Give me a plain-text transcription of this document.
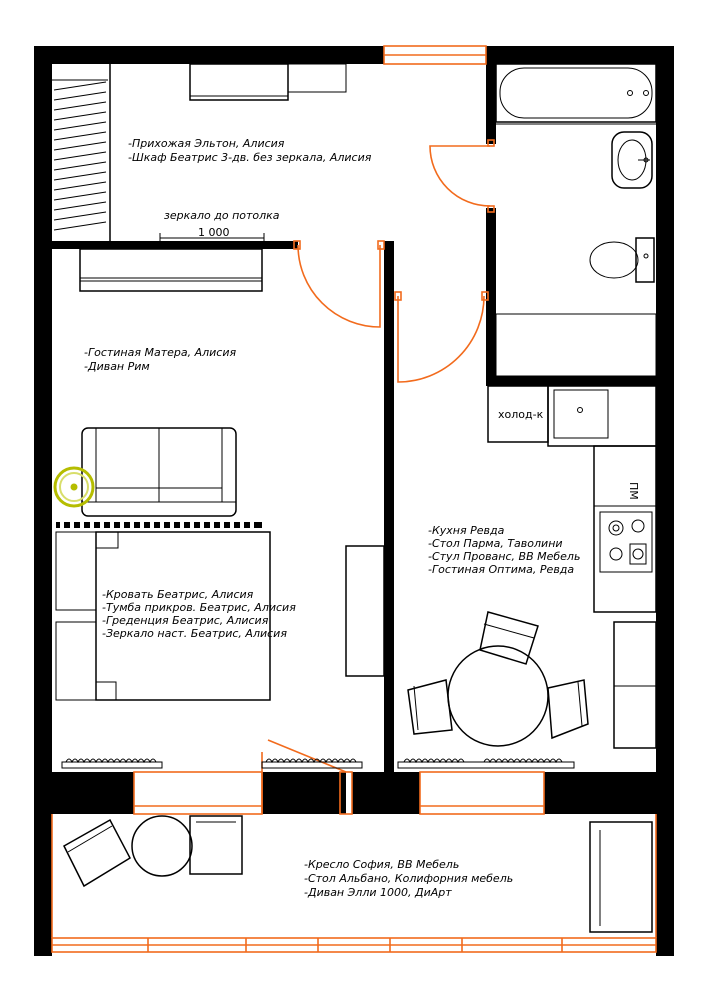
-Прихожая Эльтон, Алисия
-Шкаф Беатрис 3-дв. без зеркала, Алисия
зеркало до потолка
1 000
-Гостиная Матера, Алисия
-Диван Рим
-Кровать Беатрис, Алисия
-Тумба прикров. Беатрис, Алисия
-Греденция Беатрис, Алисия
-Зеркало наст. Беатрис, Алисия
холод-к
ПМ
-Кухня Ревда
-Стол Парма, Таволини
-Стул Прованс, ВВ Мебель
-Гостиная Оптима, Ревда
-Кресло София, ВВ Мебель
-Стол Альбано, Колифорния мебель
-Диван Элли 1000, ДиАрт
